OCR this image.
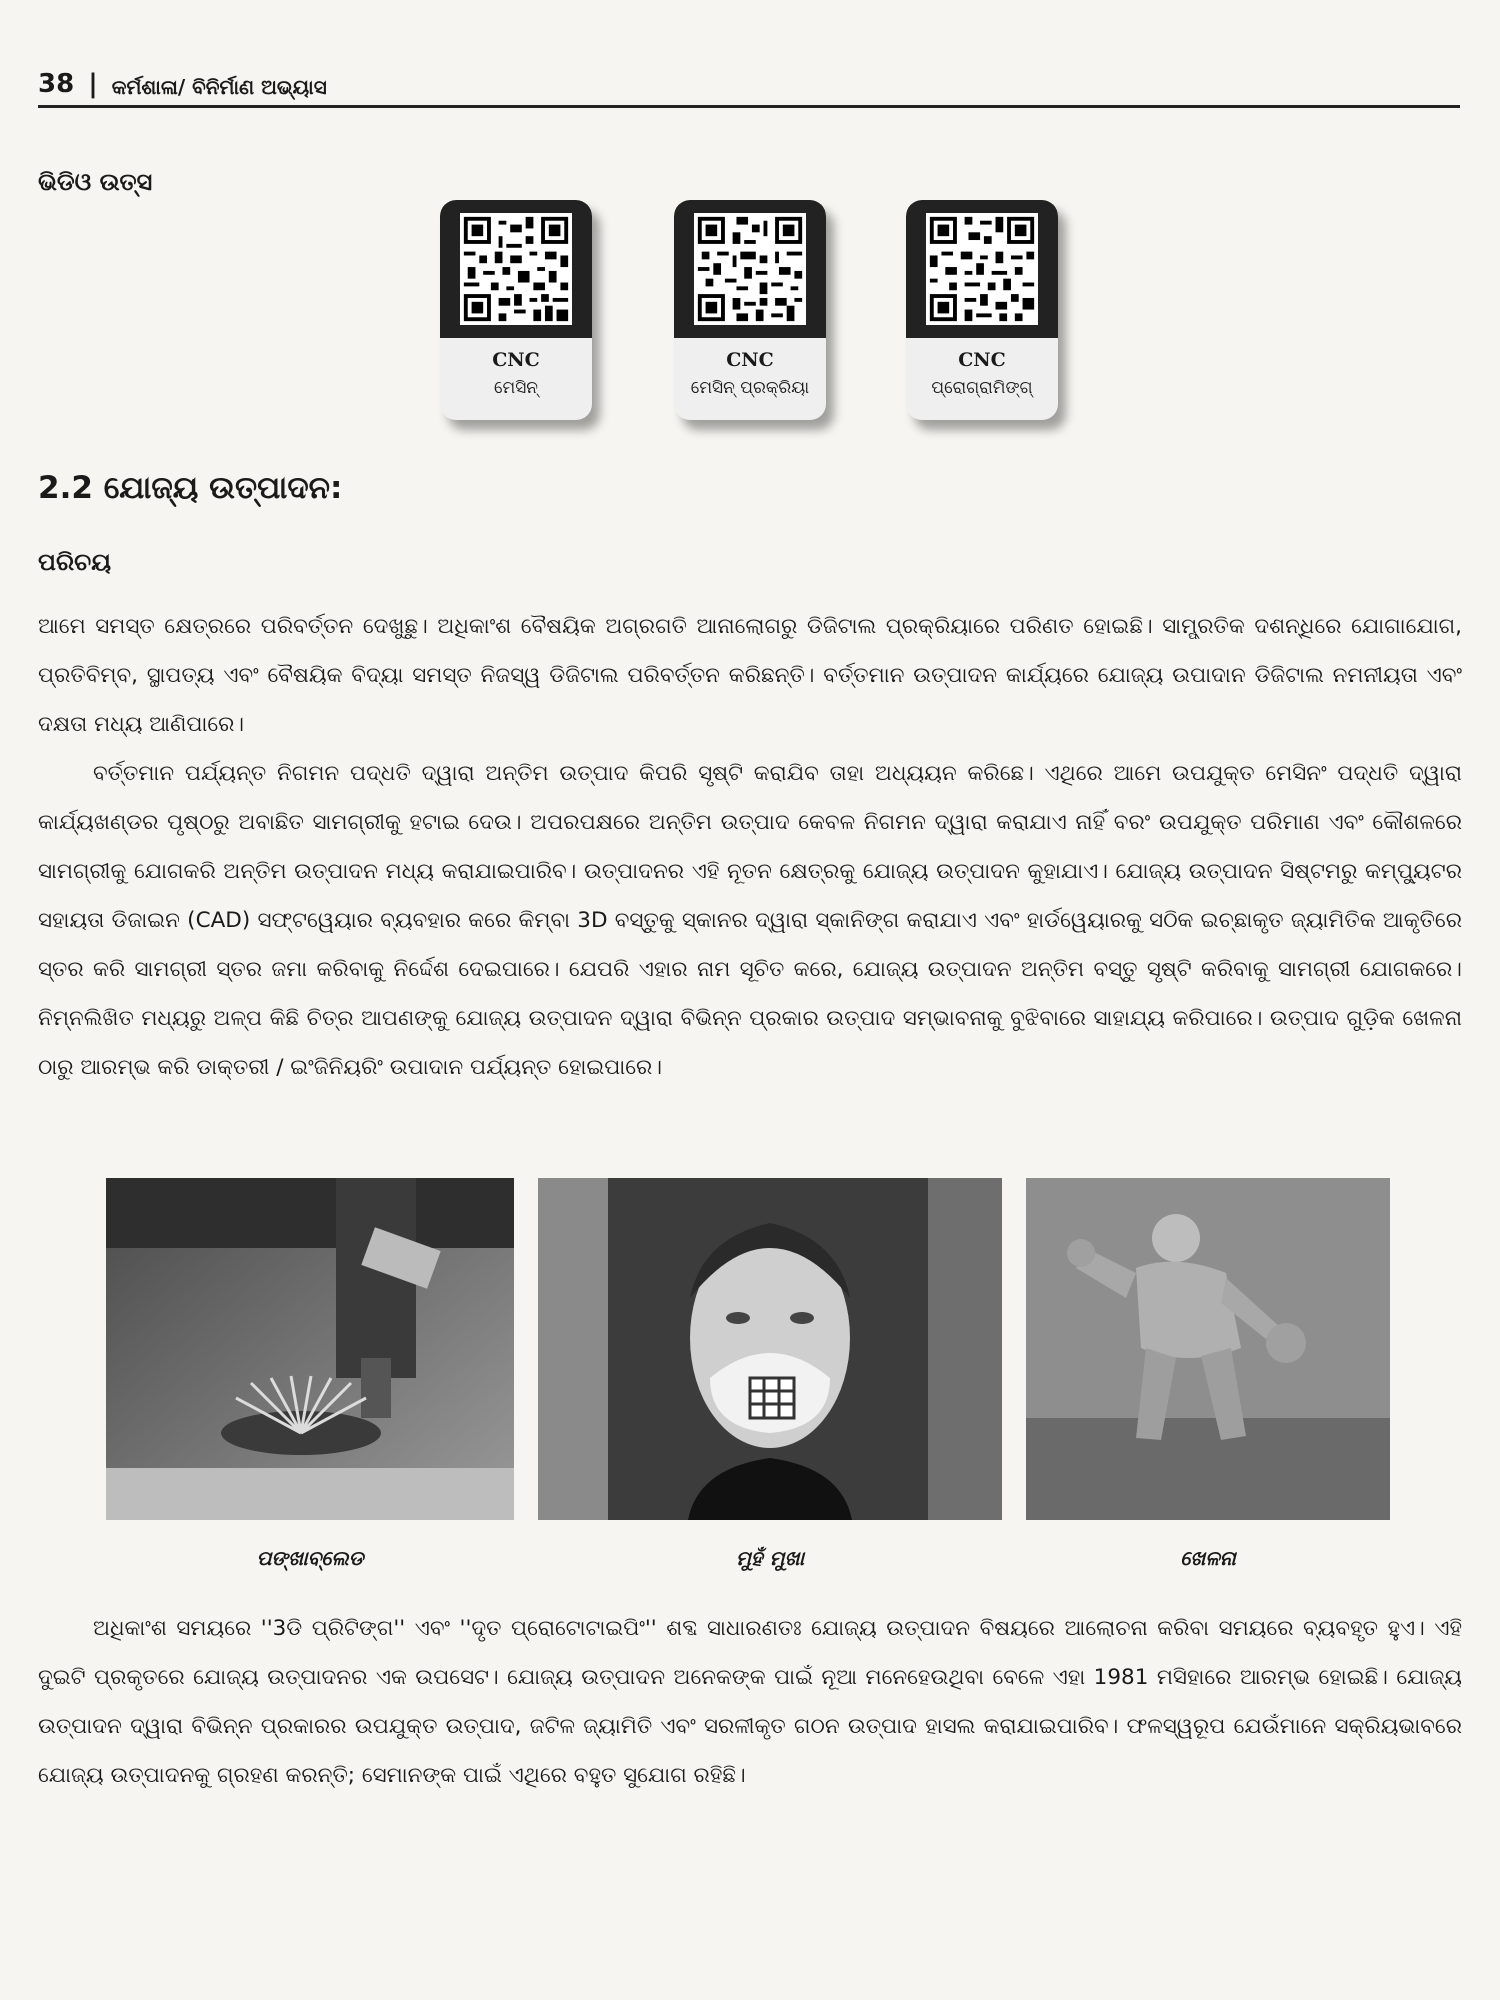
38 | କର୍ମଶାଳା/ ବିନିର୍ମାଣ ଅଭ୍ୟାସ
ଭିଡିଓ ଉତ୍ସ
CNC
ମେସିନ୍
CNC
ମେସିନ୍ ପ୍ରକ୍ରିୟା
CNC
ପ୍ରୋଗ୍ରାମିଙ୍ଗ୍
2.2 ଯୋଜ୍ୟ ଉତ୍ପାଦନ:
ପରିଚୟ

ଆମେ ସମସ୍ତ କ୍ଷେତ୍ରରେ ପରିବର୍ତ୍ତନ ଦେଖୁଛୁ। ଅଧିକାଂଶ ବୈଷୟିକ ଅଗ୍ରଗତି ଆନାଲୋଗରୁ ଡିଜିଟାଲ ପ୍ରକ୍ରିୟାରେ ପରିଣତ ହୋଇଛି। ସାମ୍ପ୍ରତିକ ଦଶନ୍ଧିରେ ଯୋଗାଯୋଗ, ପ୍ରତିବିମ୍ବ, ସ୍ଥାପତ୍ୟ ଏବଂ ବୈଷୟିକ ବିଦ୍ୟା ସମସ୍ତ ନିଜସ୍ୱ ଡିଜିଟାଲ ପରିବର୍ତ୍ତନ କରିଛନ୍ତି। ବର୍ତ୍ତମାନ ଉତ୍ପାଦନ କାର୍ଯ୍ୟରେ ଯୋଜ୍ୟ ଉପାଦାନ ଡିଜିଟାଲ ନମନୀୟତା ଏବଂ ଦକ୍ଷତା ମଧ୍ୟ ଆଣିପାରେ।

ବର୍ତ୍ତମାନ ପର୍ଯ୍ୟନ୍ତ ନିଗମନ ପଦ୍ଧତି ଦ୍ୱାରା ଅନ୍ତିମ ଉତ୍ପାଦ କିପରି ସୃଷ୍ଟି କରାଯିବ ତାହା ଅଧ୍ୟୟନ କରିଛେ। ଏଥିରେ ଆମେ ଉପଯୁକ୍ତ ମେସିନଂ ପଦ୍ଧତି ଦ୍ୱାରା କାର୍ଯ୍ୟଖଣ୍ଡର ପୃଷ୍ଠରୁ ଅବାଛିତ ସାମଗ୍ରୀକୁ ହଟାଇ ଦେଉ। ଅପରପକ୍ଷରେ ଅନ୍ତିମ ଉତ୍ପାଦ କେବଳ ନିଗମନ ଦ୍ୱାରା କରାଯାଏ ନାହିଁ ବରଂ ଉପଯୁକ୍ତ ପରିମାଣ ଏବଂ କୌଶଳରେ ସାମଗ୍ରୀକୁ ଯୋଗକରି ଅନ୍ତିମ ଉତ୍ପାଦନ ମଧ୍ୟ କରାଯାଇପାରିବ। ଉତ୍ପାଦନର ଏହି ନୂତନ କ୍ଷେତ୍ରକୁ ଯୋଜ୍ୟ ଉତ୍ପାଦନ କୁହାଯାଏ। ଯୋଜ୍ୟ ଉତ୍ପାଦନ ସିଷ୍ଟମରୁ କମ୍ପ୍ୟୁଟର ସହାୟତା ଡିଜାଇନ (CAD) ସଫ୍ଟୱେୟାର ବ୍ୟବହାର କରେ କିମ୍ବା 3D ବସ୍ତୁକୁ ସ୍କାନର ଦ୍ୱାରା ସ୍କାନିଙ୍ଗ କରାଯାଏ ଏବଂ ହାର୍ଡୱେୟାରକୁ ସଠିକ ଇଚ୍ଛାକୃତ ଜ୍ୟାମିତିକ ଆକୃତିରେ ସ୍ତର କରି ସାମଗ୍ରୀ ସ୍ତର ଜମା କରିବାକୁ ନିର୍ଦ୍ଦେଶ ଦେଇପାରେ। ଯେପରି ଏହାର ନାମ ସୂଚିତ କରେ, ଯୋଜ୍ୟ ଉତ୍ପାଦନ ଅନ୍ତିମ ବସ୍ତୁ ସୃଷ୍ଟି କରିବାକୁ ସାମଗ୍ରୀ ଯୋଗକରେ। ନିମ୍ନଲିଖିତ ମଧ୍ୟରୁ ଅଳ୍ପ କିଛି ଚିତ୍ର ଆପଣଙ୍କୁ ଯୋଜ୍ୟ ଉତ୍ପାଦନ ଦ୍ୱାରା ବିଭିନ୍ନ ପ୍ରକାର ଉତ୍ପାଦ ସମ୍ଭାବନାକୁ ବୁଝିବାରେ ସାହାଯ୍ୟ କରିପାରେ। ଉତ୍ପାଦ ଗୁଡ଼ିକ ଖେଳନା ଠାରୁ ଆରମ୍ଭ କରି ଡାକ୍ତରୀ / ଇଂଜିନିୟରିଂ ଉପାଦାନ ପର୍ଯ୍ୟନ୍ତ ହୋଇପାରେ।

ପଙ୍ଖାବ୍ଲେଡ	ମୁହଁ ମୁଖା	ଖେଳନା

ଅଧିକାଂଶ ସମୟରେ ''3ଡି ପ୍ରିଟିଙ୍ଗ'' ଏବଂ ''ଦୃତ ପ୍ରୋଟୋଟାଇପିଂ'' ଶବ୍ଦ ସାଧାରଣତଃ ଯୋଜ୍ୟ ଉତ୍ପାଦନ ବିଷୟରେ ଆଲୋଚନା କରିବା ସମୟରେ ବ୍ୟବହୃତ ହୁଏ। ଏହି ଦୁଇଟି ପ୍ରକୃତରେ ଯୋଜ୍ୟ ଉତ୍ପାଦନର ଏକ ଉପସେଟ। ଯୋଜ୍ୟ ଉତ୍ପାଦନ ଅନେକଙ୍କ ପାଇଁ ନୂଆ ମନେହେଉଥିବା ବେଳେ ଏହା 1981 ମସିହାରେ ଆରମ୍ଭ ହୋଇଛି। ଯୋଜ୍ୟ ଉତ୍ପାଦନ ଦ୍ୱାରା ବିଭିନ୍ନ ପ୍ରକାରର ଉପଯୁକ୍ତ ଉତ୍ପାଦ, ଜଟିଳ ଜ୍ୟାମିତି ଏବଂ ସରଳୀକୃତ ଗଠନ ଉତ୍ପାଦ ହାସଲ କରାଯାଇପାରିବ। ଫଳସ୍ୱରୂପ ଯେଉଁମାନେ ସକ୍ରିୟଭାବରେ ଯୋଜ୍ୟ ଉତ୍ପାଦନକୁ ଗ୍ରହଣ କରନ୍ତି; ସେମାନଙ୍କ ପାଇଁ ଏଥିରେ ବହୁତ ସୁଯୋଗ ରହିଛି।
